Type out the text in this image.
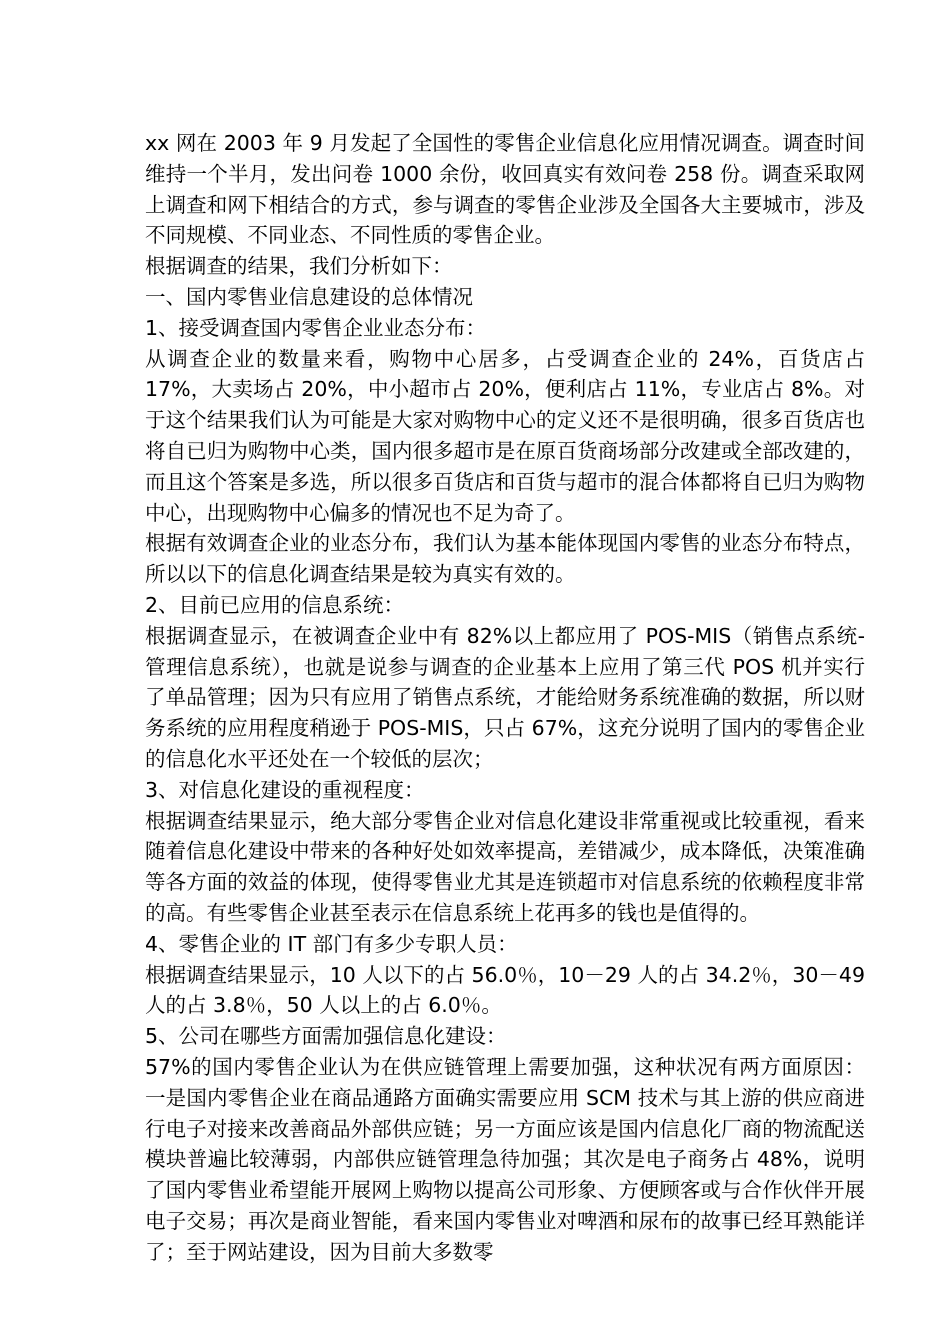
xx 网在 2003 年 9 月发起了全国性的零售企业信息化应用情况调查。调查时间维持一个半月，发出问卷 1000 余份，收回真实有效问卷 258 份。调查采取网上调查和网下相结合的方式，参与调查的零售企业涉及全国各大主要城市，涉及不同规模、不同业态、不同性质的零售企业。

根据调查的结果，我们分析如下：

一、国内零售业信息建设的总体情况

1、接受调查国内零售企业业态分布：

从调查企业的数量来看，购物中心居多，占受调查企业的 24%，百货店占 17%，大卖场占 20%，中小超市占 20%，便利店占 11%，专业店占 8%。对于这个结果我们认为可能是大家对购物中心的定义还不是很明确，很多百货店也将自已归为购物中心类，国内很多超市是在原百货商场部分改建或全部改建的，而且这个答案是多选，所以很多百货店和百货与超市的混合体都将自已归为购物中心，出现购物中心偏多的情况也不足为奇了。

根据有效调查企业的业态分布，我们认为基本能体现国内零售的业态分布特点，所以以下的信息化调查结果是较为真实有效的。

2、目前已应用的信息系统：

根据调查显示，在被调查企业中有 82%以上都应用了 POS-MIS（销售点系统-管理信息系统），也就是说参与调查的企业基本上应用了第三代 POS 机并实行了单品管理；因为只有应用了销售点系统，才能给财务系统准确的数据，所以财务系统的应用程度稍逊于 POS-MIS，只占 67%，这充分说明了国内的零售企业的信息化水平还处在一个较低的层次；

3、对信息化建设的重视程度：

根据调查结果显示，绝大部分零售企业对信息化建设非常重视或比较重视，看来随着信息化建设中带来的各种好处如效率提高，差错减少，成本降低，决策准确等各方面的效益的体现，使得零售业尤其是连锁超市对信息系统的依赖程度非常的高。有些零售企业甚至表示在信息系统上花再多的钱也是值得的。

4、零售企业的 IT 部门有多少专职人员：

根据调查结果显示，10 人以下的占 56.0％，10－29 人的占 34.2％，30－49 人的占 3.8％，50 人以上的占 6.0％。

5、公司在哪些方面需加强信息化建设：

57%的国内零售企业认为在供应链管理上需要加强，这种状况有两方面原因：一是国内零售企业在商品通路方面确实需要应用 SCM 技术与其上游的供应商进行电子对接来改善商品外部供应链；另一方面应该是国内信息化厂商的物流配送模块普遍比较薄弱，内部供应链管理急待加强；其次是电子商务占 48%，说明了国内零售业希望能开展网上购物以提高公司形象、方便顾客或与合作伙伴开展电子交易；再次是商业智能，看来国内零售业对啤酒和尿布的故事已经耳熟能详了；至于网站建设，因为目前大多数零
